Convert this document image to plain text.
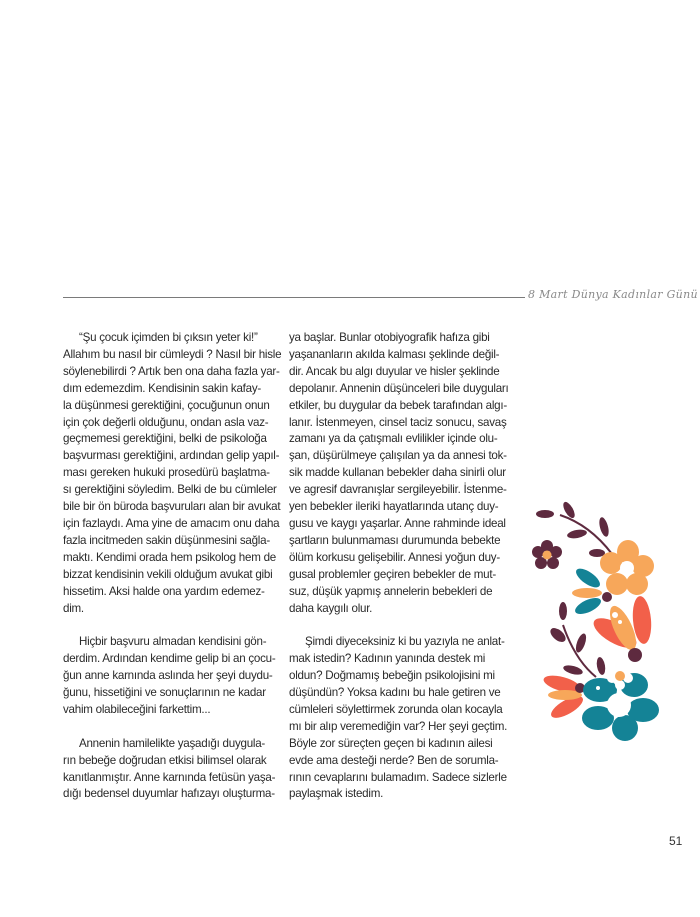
8 Mart Dünya Kadınlar Günü
“Şu çocuk içimden bi çıksın yeter ki!”
Allahım bu nasıl bir cümleydi ? Nasıl bir hisle
söylenebilirdi ? Artık ben ona daha fazla yar-
dım edemezdim. Kendisinin sakin kafay-
la düşünmesi gerektiğini, çocuğunun onun
için çok değerli olduğunu, ondan asla vaz-
geçmemesi gerektiğini, belki de psikoloğa
başvurması gerektiğini, ardından gelip yapıl-
ması gereken hukuki prosedürü başlatma-
sı gerektiğini söyledim. Belki de bu cümleler
bile bir ön büroda başvuruları alan bir avukat
için fazlaydı. Ama yine de amacım onu daha
fazla incitmeden sakin düşünmesini sağla-
maktı. Kendimi orada hem psikolog hem de
bizzat kendisinin vekili olduğum avukat gibi
hissetim. Aksi halde ona yardım edemez-
dim.
Hiçbir başvuru almadan kendisini gön-
derdim. Ardından kendime gelip bi an çocu-
ğun anne karnında aslında her şeyi duydu-
ğunu, hissetiğini ve sonuçlarının ne kadar
vahim olabileceğini farkettim...
Annenin hamilelikte yaşadığı duygula-
rın bebeğe doğrudan etkisi bilimsel olarak
kanıtlanmıştır. Anne karnında fetüsün yaşa-
dığı bedensel duyumlar hafızayı oluşturma-
ya başlar. Bunlar otobiyografik hafıza gibi
yaşananların akılda kalması şeklinde değil-
dir. Ancak bu algı duyular ve hisler şeklinde
depolanır. Annenin düşünceleri bile duyguları
etkiler, bu duygular da bebek tarafından algı-
lanır. İstenmeyen, cinsel taciz sonucu, savaş
zamanı ya da çatışmalı evlilikler içinde olu-
şan, düşürülmeye çalışılan ya da annesi tok-
sik madde kullanan bebekler daha sinirli olur
ve agresif davranışlar sergileyebilir. İstenme-
yen bebekler ileriki hayatlarında utanç duy-
gusu ve kaygı yaşarlar. Anne rahminde ideal
şartların bulunmaması durumunda bebekte
ölüm korkusu gelişebilir. Annesi yoğun duy-
gusal problemler geçiren bebekler de mut-
suz, düşük yapmış annelerin bebekleri de
daha kaygılı olur.
Şimdi diyeceksiniz ki bu yazıyla ne anlat-
mak istedin? Kadının yanında destek mi
oldun? Doğmamış bebeğin psikolojisini mi
düşündün? Yoksa kadını bu hale getiren ve
cümleleri söylettirmek zorunda olan kocayla
mı bir alıp veremediğin var? Her şeyi geçtim.
Böyle zor süreçten geçen bi kadının ailesi
evde ama desteği nerde? Ben de sorumla-
rının cevaplarını bulamadım. Sadece sizlerle
paylaşmak istedim.
51
